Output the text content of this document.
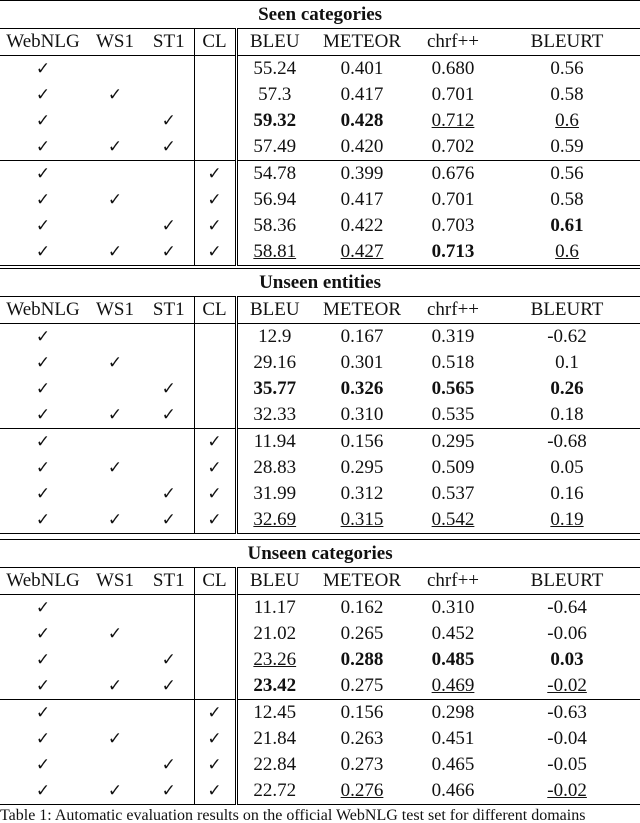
Seen categories							
WebNLG	WS1	ST1	CL	BLEU	METEOR	chrf++	BLEURT
✓				55.24	0.401	0.680	0.56
✓	✓			57.3	0.417	0.701	0.58
✓		✓		59.32	0.428	0.712	0.6
✓	✓	✓		57.49	0.420	0.702	0.59
✓			✓	54.78	0.399	0.676	0.56
✓	✓		✓	56.94	0.417	0.701	0.58
✓		✓	✓	58.36	0.422	0.703	0.61
✓	✓	✓	✓	58.81	0.427	0.713	0.6
Unseen entities							
WebNLG	WS1	ST1	CL	BLEU	METEOR	chrf++	BLEURT
✓				12.9	0.167	0.319	-0.62
✓	✓			29.16	0.301	0.518	0.1
✓		✓		35.77	0.326	0.565	0.26
✓	✓	✓		32.33	0.310	0.535	0.18
✓			✓	11.94	0.156	0.295	-0.68
✓	✓		✓	28.83	0.295	0.509	0.05
✓		✓	✓	31.99	0.312	0.537	0.16
✓	✓	✓	✓	32.69	0.315	0.542	0.19
Unseen categories							
WebNLG	WS1	ST1	CL	BLEU	METEOR	chrf++	BLEURT
✓				11.17	0.162	0.310	-0.64
✓	✓			21.02	0.265	0.452	-0.06
✓		✓		23.26	0.288	0.485	0.03
✓	✓	✓		23.42	0.275	0.469	-0.02
✓			✓	12.45	0.156	0.298	-0.63
✓	✓		✓	21.84	0.263	0.451	-0.04
✓		✓	✓	22.84	0.273	0.465	-0.05
✓	✓	✓	✓	22.72	0.276	0.466	-0.02
Table 1: Automatic evaluation results on the official WebNLG test set for different domains
